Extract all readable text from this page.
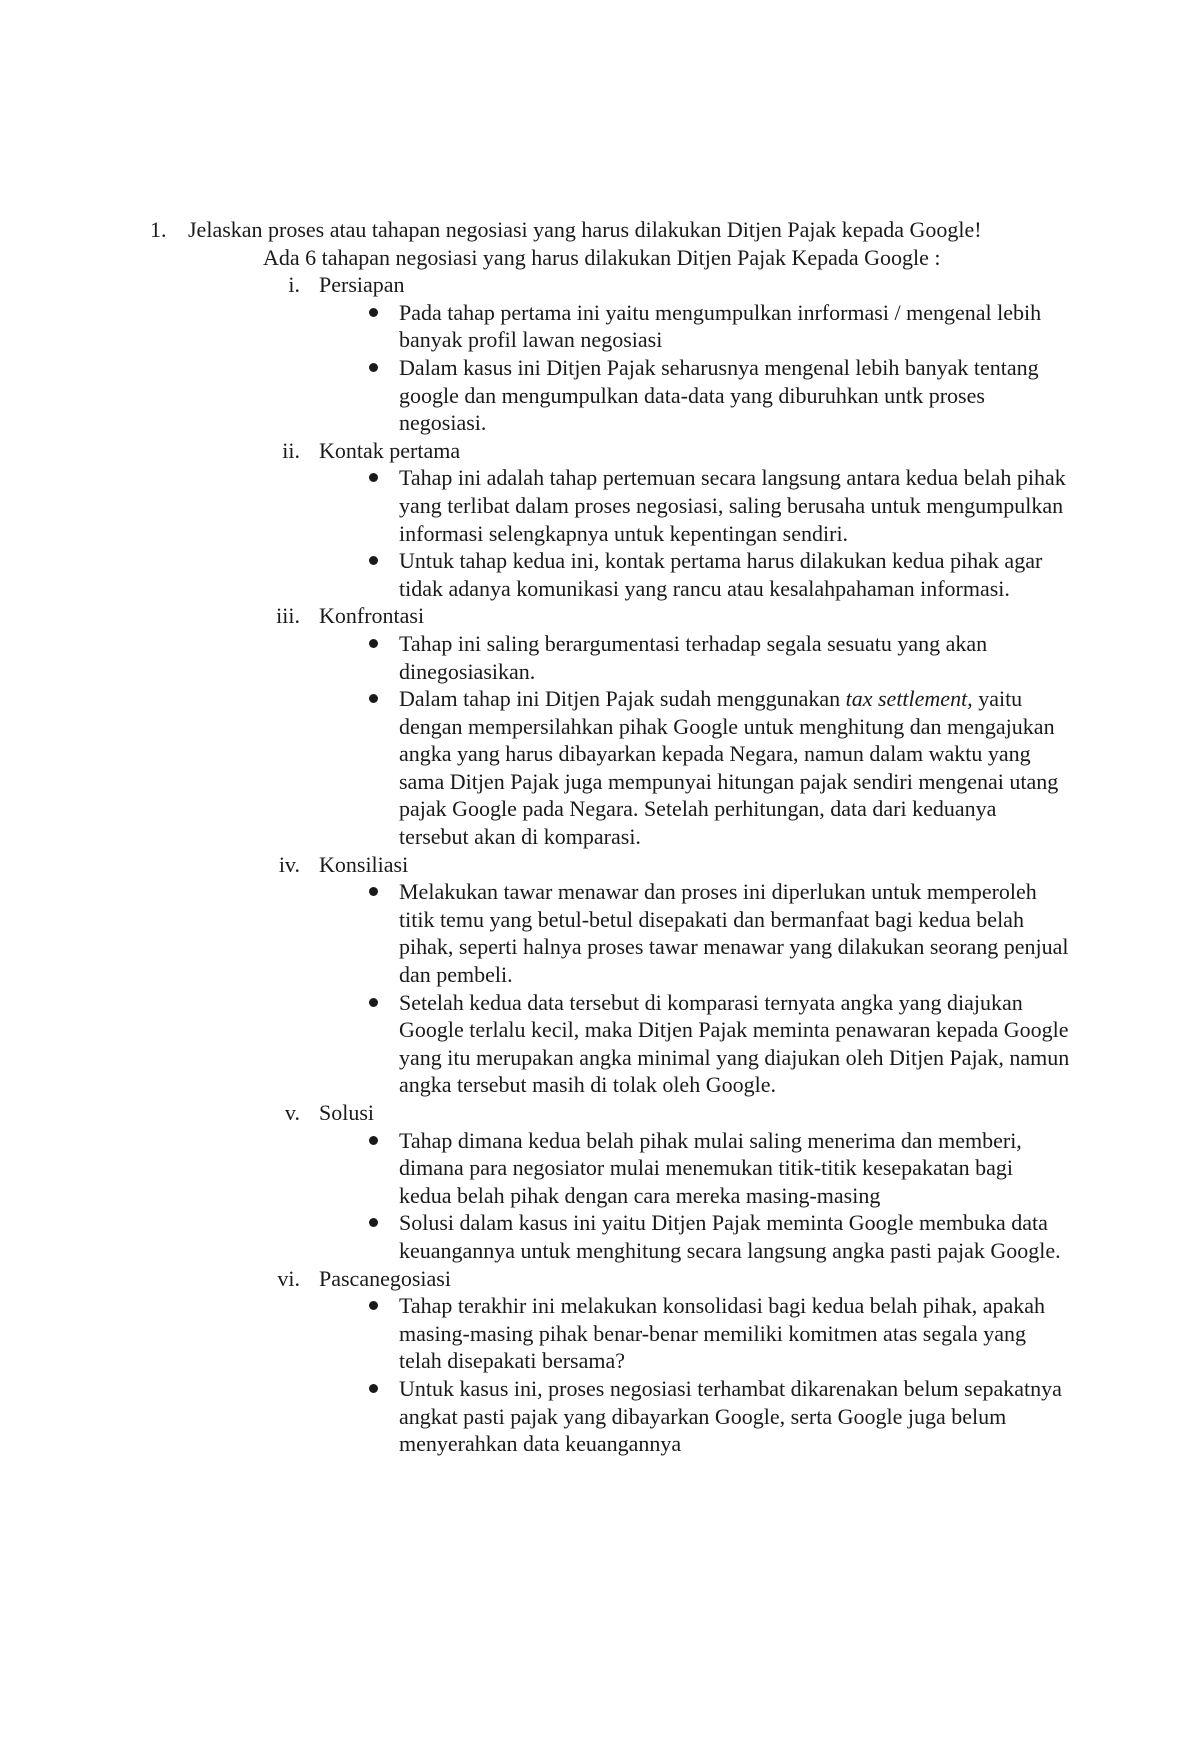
1. Jelaskan proses atau tahapan negosiasi yang harus dilakukan Ditjen Pajak kepada Google!
Ada 6 tahapan negosiasi yang harus dilakukan Ditjen Pajak Kepada Google :
i. Persiapan
Pada tahap pertama ini yaitu mengumpulkan inrformasi / mengenal lebih banyak profil lawan negosiasi
Dalam kasus ini Ditjen Pajak seharusnya mengenal lebih banyak tentang google dan mengumpulkan data-data yang diburuhkan untk proses negosiasi.
ii. Kontak pertama
Tahap ini adalah tahap pertemuan secara langsung antara kedua belah pihak yang terlibat dalam proses negosiasi, saling berusaha untuk mengumpulkan informasi selengkapnya untuk kepentingan sendiri.
Untuk tahap kedua ini, kontak pertama harus dilakukan kedua pihak agar tidak adanya komunikasi yang rancu atau kesalahpahaman informasi.
iii. Konfrontasi
Tahap ini saling berargumentasi terhadap segala sesuatu yang akan dinegosiasikan.
Dalam tahap ini Ditjen Pajak sudah menggunakan tax settlement, yaitu dengan mempersilahkan pihak Google untuk menghitung dan mengajukan angka yang harus dibayarkan kepada Negara, namun dalam waktu yang sama Ditjen Pajak juga mempunyai hitungan pajak sendiri mengenai utang pajak Google pada Negara. Setelah perhitungan, data dari keduanya tersebut akan di komparasi.
iv. Konsiliasi
Melakukan tawar menawar dan proses ini diperlukan untuk memperoleh titik temu yang betul-betul disepakati dan bermanfaat bagi kedua belah pihak, seperti halnya proses tawar menawar yang dilakukan seorang penjual dan pembeli.
Setelah kedua data tersebut di komparasi ternyata angka yang diajukan Google terlalu kecil, maka Ditjen Pajak meminta penawaran kepada Google yang itu merupakan angka minimal yang diajukan oleh Ditjen Pajak, namun angka tersebut masih di tolak oleh Google.
v. Solusi
Tahap dimana kedua belah pihak mulai saling menerima dan memberi, dimana para negosiator mulai menemukan titik-titik kesepakatan bagi kedua belah pihak dengan cara mereka masing-masing
Solusi dalam kasus ini yaitu Ditjen Pajak meminta Google membuka data keuangannya untuk menghitung secara langsung angka pasti pajak Google.
vi. Pascanegosiasi
Tahap terakhir ini melakukan konsolidasi bagi kedua belah pihak, apakah masing-masing pihak benar-benar memiliki komitmen atas segala yang telah disepakati bersama?
Untuk kasus ini, proses negosiasi terhambat dikarenakan belum sepakatnya angkat pasti pajak yang dibayarkan Google, serta Google juga belum menyerahkan data keuangannya
